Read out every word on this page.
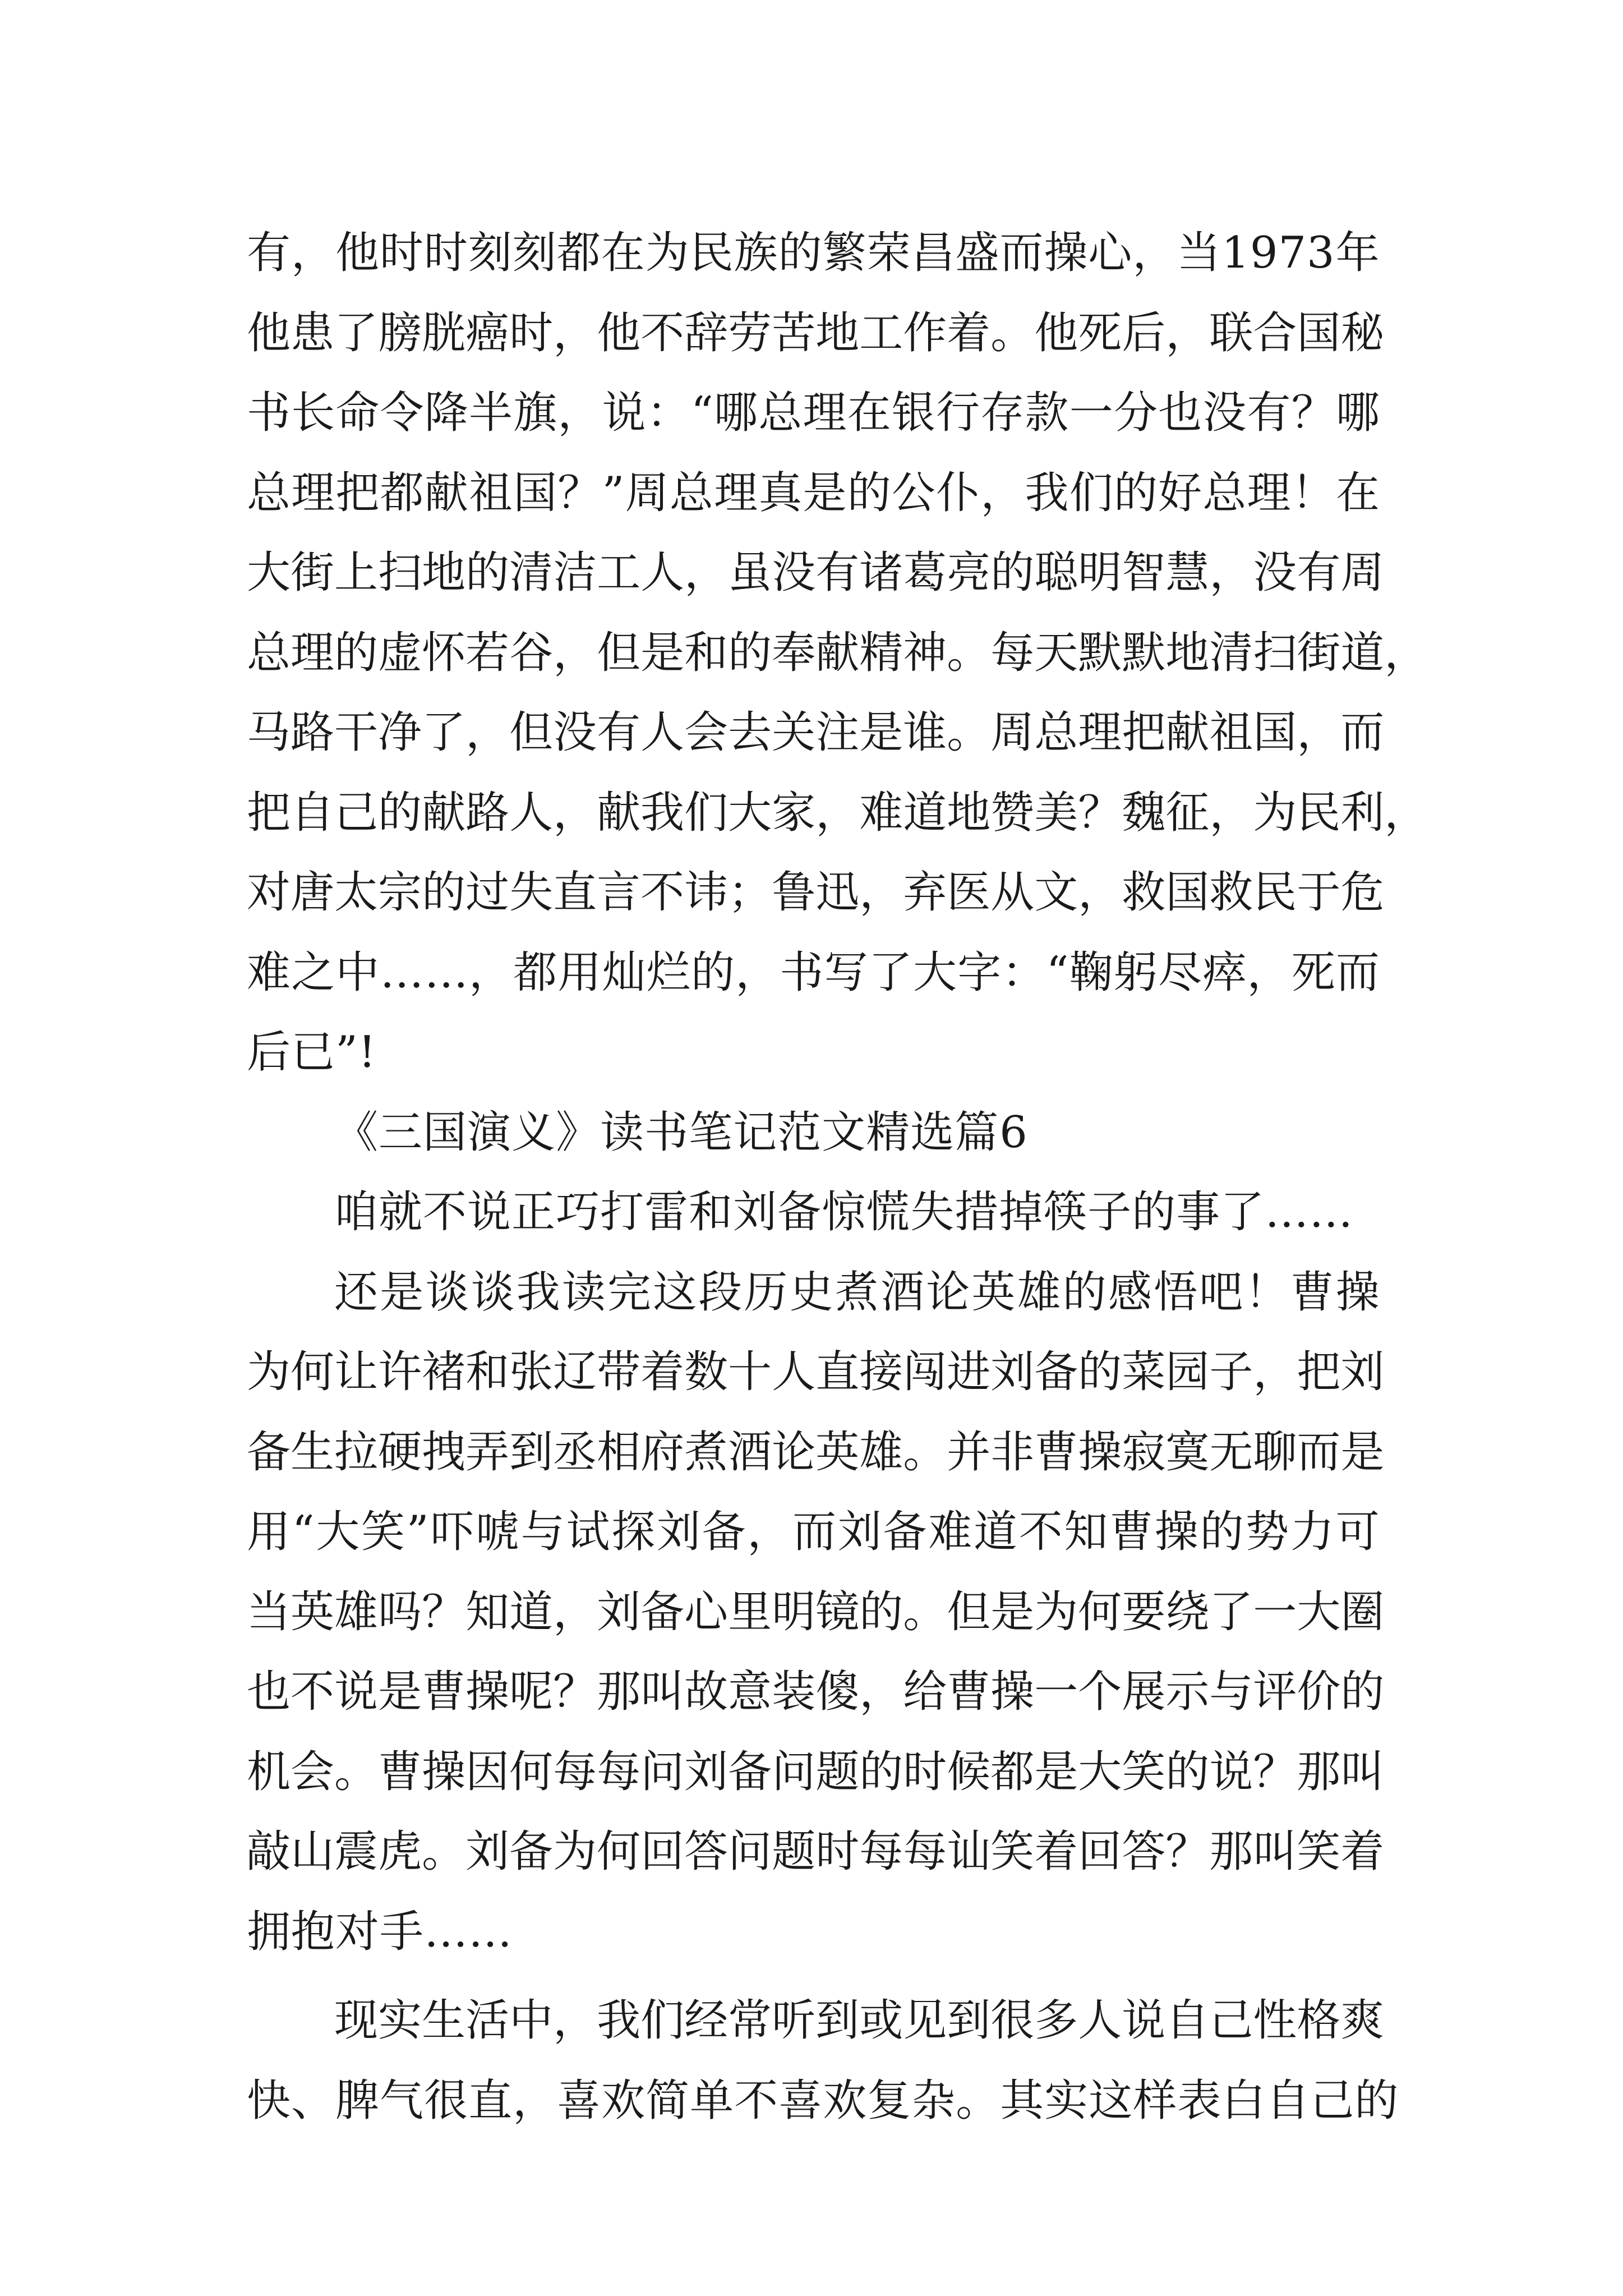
有 ， 他 时 时 刻 刻 都 在 为 民 族 的 繁 荣 昌 盛 而 操 心 ， 当 1 9 7 3 年
他 患 了 膀 胱 癌 时 ， 他 不 辞 劳 苦 地 工 作 着 。 他 死 后 ， 联 合 国 秘
书 长 命 令 降 半 旗 ， 说 ： “ 哪 总 理 在 银 行 存 款 一 分 也 没 有 ？ 哪
总 理 把 都 献 祖 国 ？ ” 周 总 理 真 是 的 公 仆 ， 我 们 的 好 总 理 ！ 在
大 街 上 扫 地 的 清 洁 工 人 ， 虽 没 有 诸 葛 亮 的 聪 明 智 慧 ， 没 有 周
总 理 的 虚 怀 若 谷 ， 但 是 和 的 奉 献 精 神 。 每 天 默 默 地 清 扫 街 道 ，
马 路 干 净 了 ， 但 没 有 人 会 去 关 注 是 谁 。 周 总 理 把 献 祖 国 ， 而
把 自 己 的 献 路 人 ， 献 我 们 大 家 ， 难 道 地 赞 美 ？ 魏 征 ， 为 民 利 ，
对 唐 太 宗 的 过 失 直 言 不 讳 ； 鲁 迅 ， 弃 医 从 文 ， 救 国 救 民 于 危
难 之 中 … … ， 都 用 灿 烂 的 ， 书 写 了 大 字 ： “ 鞠 躬 尽 瘁 ， 死 而
后 已 ” !
《 三 国 演 义 》 读 书 笔 记 范 文 精 选 篇 6
咱 就 不 说 正 巧 打 雷 和 刘 备 惊 慌 失 措 掉 筷 子 的 事 了 … …
还 是 谈 谈 我 读 完 这 段 历 史 煮 酒 论 英 雄 的 感 悟 吧 ！ 曹 操
为 何 让 许 褚 和 张 辽 带 着 数 十 人 直 接 闯 进 刘 备 的 菜 园 子 ， 把 刘
备 生 拉 硬 拽 弄 到 丞 相 府 煮 酒 论 英 雄 。 并 非 曹 操 寂 寞 无 聊 而 是
用 “ 大 笑 ” 吓 唬 与 试 探 刘 备 ， 而 刘 备 难 道 不 知 曹 操 的 势 力 可
当 英 雄 吗 ？ 知 道 ， 刘 备 心 里 明 镜 的 。 但 是 为 何 要 绕 了 一 大 圈
也 不 说 是 曹 操 呢 ？ 那 叫 故 意 装 傻 ， 给 曹 操 一 个 展 示 与 评 价 的
机 会 。 曹 操 因 何 每 每 问 刘 备 问 题 的 时 候 都 是 大 笑 的 说 ？ 那 叫
敲 山 震 虎 。 刘 备 为 何 回 答 问 题 时 每 每 讪 笑 着 回 答 ？ 那 叫 笑 着
拥 抱 对 手 … …
现 实 生 活 中 ， 我 们 经 常 听 到 或 见 到 很 多 人 说 自 己 性 格 爽
快 、 脾 气 很 直 ， 喜 欢 简 单 不 喜 欢 复 杂 。 其 实 这 样 表 白 自 己 的
